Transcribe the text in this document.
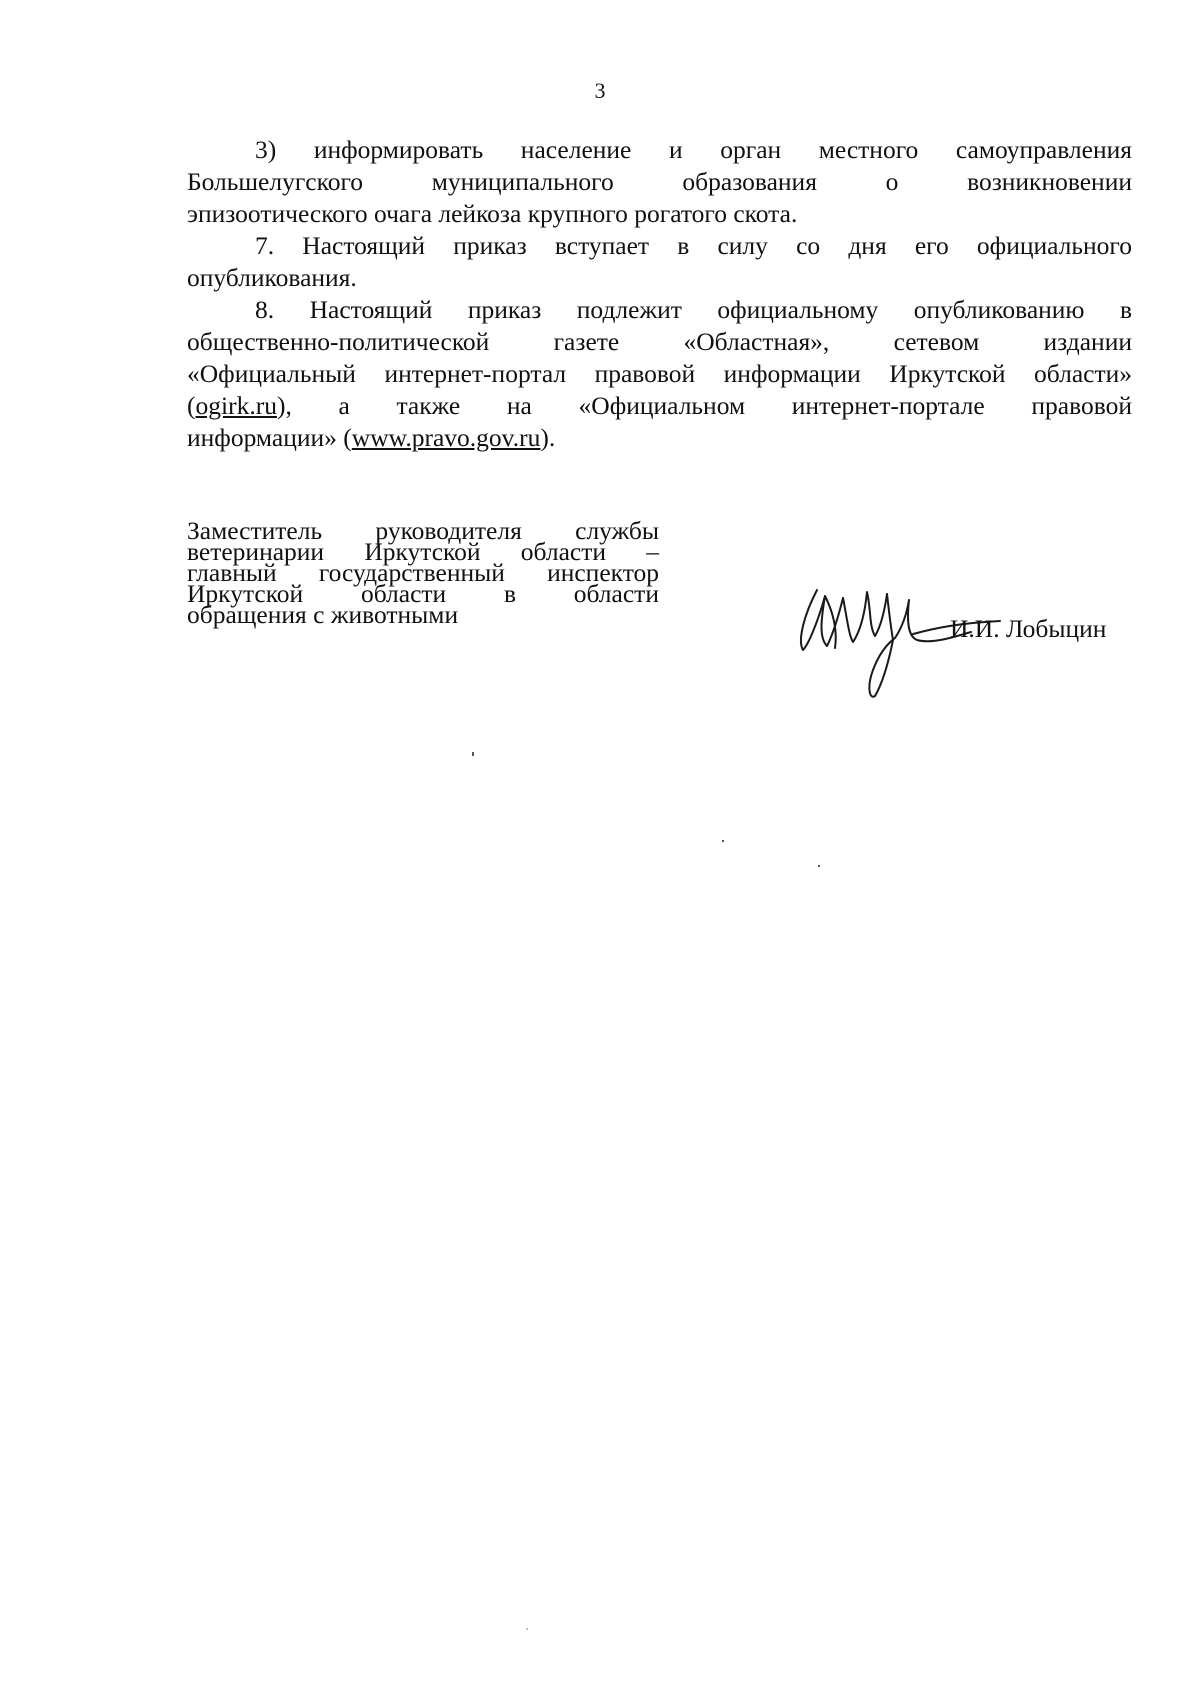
3

3) информировать население и орган местного самоуправления

Большелугского муниципального образования о возникновении

эпизоотического очага лейкоза крупного рогатого скота.

7. Настоящий приказ вступает в силу со дня его официального

опубликования.

8. Настоящий приказ подлежит официальному опубликованию в

общественно-политической газете «Областная», сетевом издании

«Официальный интернет-портал правовой информации Иркутской области»

(ogirk.ru), а также на «Официальном интернет-портале правовой

информации» (www.pravo.gov.ru).

Заместитель руководителя службы
ветеринарии Иркутской области –
главный государственный инспектор
Иркутской области в области
обращения с животными	И.И. Лобыцин
